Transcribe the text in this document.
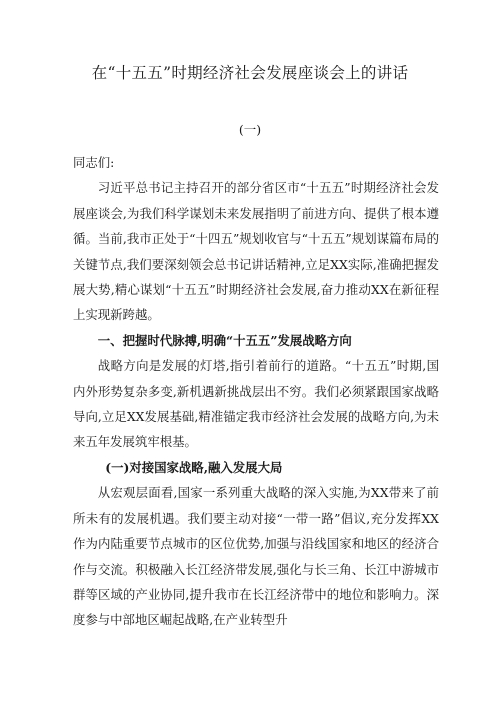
在“十五五”时期经济社会发展座谈会上的讲话
(一)

同志们:

习近平总书记主持召开的部分省区市“十五五”时期经济社会发展座谈会,为我们科学谋划未来发展指明了前进方向、提供了根本遵循。当前,我市正处于“十四五”规划收官与“十五五”规划谋篇布局的关键节点,我们要深刻领会总书记讲话精神,立足XX实际,准确把握发展大势,精心谋划“十五五”时期经济社会发展,奋力推动XX在新征程上实现新跨越。

一、把握时代脉搏,明确“十五五”发展战略方向

战略方向是发展的灯塔,指引着前行的道路。“十五五”时期,国内外形势复杂多变,新机遇新挑战层出不穷。我们必须紧跟国家战略导向,立足XX发展基础,精准锚定我市经济社会发展的战略方向,为未来五年发展筑牢根基。

(一)对接国家战略,融入发展大局

从宏观层面看,国家一系列重大战略的深入实施,为XX带来了前所未有的发展机遇。我们要主动对接“一带一路”倡议,充分发挥XX作为内陆重要节点城市的区位优势,加强与沿线国家和地区的经济合作与交流。积极融入长江经济带发展,强化与长三角、长江中游城市群等区域的产业协同,提升我市在长江经济带中的地位和影响力。深度参与中部地区崛起战略,在产业转型升
